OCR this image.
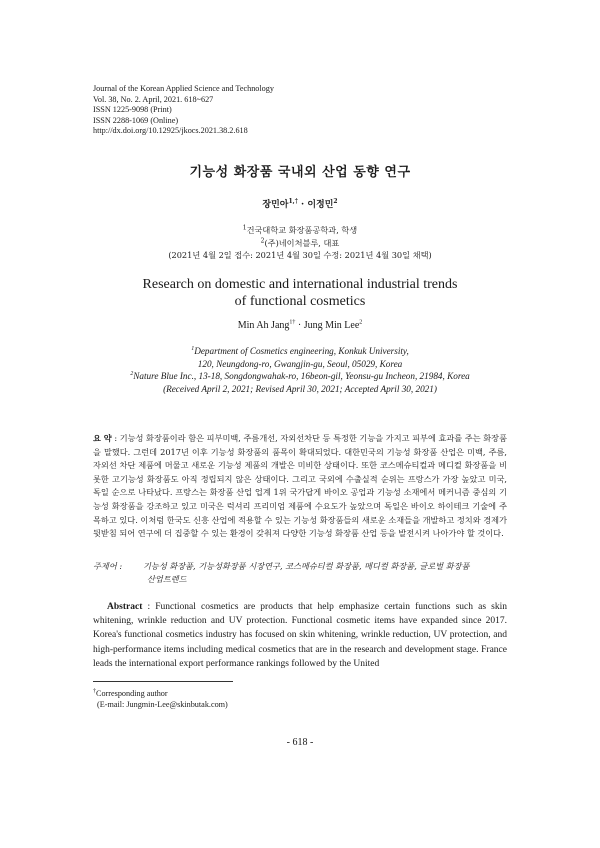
Journal of the Korean Applied Science and Technology
Vol. 38, No. 2. April, 2021. 618~627
ISSN 1225-9098 (Print)
ISSN 2288-1069 (Online)
http://dx.doi.org/10.12925/jkocs.2021.38.2.618
기능성 화장품 국내외 산업 동향 연구
장민아$^{1,\dagger}$ · 이정민$^2$
$^1$건국대학교 화장품공학과, 학생
$^2$(주)네이처블루, 대표
(2021년 4월 2일 접수: 2021년 4월 30일 수정: 2021년 4월 30일 채택)
Research on domestic and international industrial trends
of functional cosmetics
Min Ah Jang$^{1\dagger}$ · Jung Min Lee$^2$
$^1$Department of Cosmetics engineering, Konkuk University,
120, Neungdong-ro, Gwangjin-gu, Seoul, 05029, Korea
$^2$Nature Blue Inc., 13-18, Songdongwahak-ro, 16beon-gil, Yeonsu-gu Incheon, 21984, Korea
(Received April 2, 2021; Revised April 30, 2021; Accepted April 30, 2021)
요 약 : 기능성 화장품이라 함은 피부미백, 주름개선, 자외선차단 등 특정한 기능을 가지고 피부에 효과를 주는 화장품을 말했다. 그런데 2017년 이후 기능성 화장품의 품목이 확대되었다. 대한민국의 기능성 화장품 산업은 미백, 주름, 자외선 차단 제품에 머물고 새로운 기능성 제품의 개발은 미비한 상태이다. 또한 코스메슈티컬과 메디컬 화장품을 비롯한 고기능성 화장품도 아직 정립되지 않은 상태이다. 그리고 국외에 수출실적 순위는 프랑스가 가장 높았고 미국, 독일 순으로 나타났다. 프랑스는 화장품 산업 업계 1위 국가답게 바이오 공업과 기능성 소재에서 메커니즘 중심의 기능성 화장품을 강조하고 있고 미국은 럭셔리 프리미엄 제품에 수요도가 높았으며 독일은 바이오 하이테크 기술에 주목하고 있다. 이처럼 한국도 신흥 산업에 적용할 수 있는 기능성 화장품들의 새로운 소재들을 개발하고 정치와 경제가 뒷받침 되어 연구에 더 집중할 수 있는 환경이 갖춰져 다양한 기능성 화장품 산업 등을 발전시켜 나아가야 할 것이다.
주제어 :	기능성 화장품, 기능성화장품 시장연구, 코스메슈티컬 화장품, 메디컬 화장품, 글로벌 화장품
산업트렌드
Abstract : Functional cosmetics are products that help emphasize certain functions such as skin whitening, wrinkle reduction and UV protection. Functional cosmetic items have expanded since 2017. Korea's functional cosmetics industry has focused on skin whitening, wrinkle reduction, UV protection, and high-performance items including medical cosmetics that are in the research and development stage. France leads the international export performance rankings followed by the United
†Corresponding author
(E-mail: Jungmin-Lee@skinbutak.com)
- 618 -
